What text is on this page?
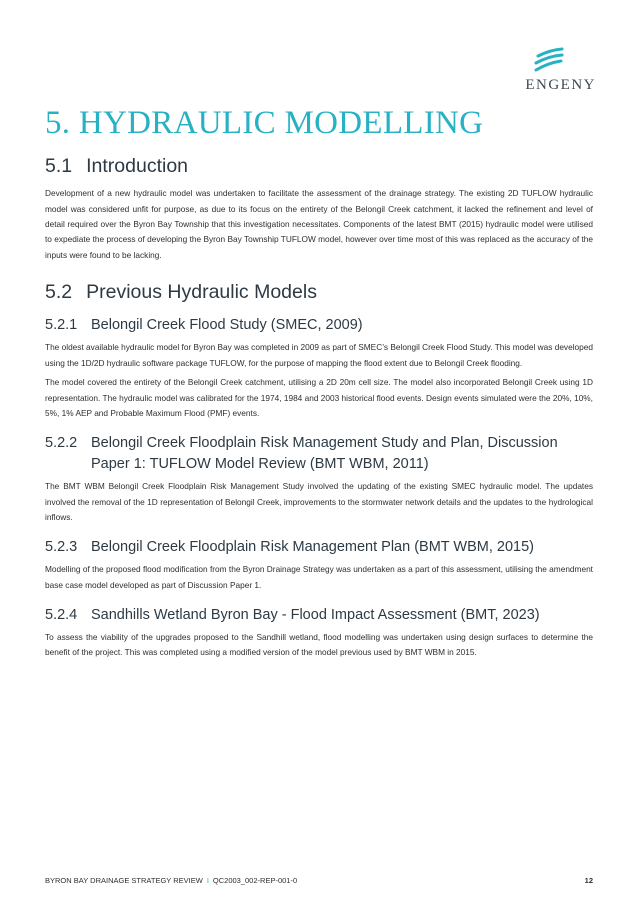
ENGENY
5. HYDRAULIC MODELLING
5.1 Introduction

Development of a new hydraulic model was undertaken to facilitate the assessment of the drainage strategy. The existing 2D TUFLOW hydraulic model was considered unfit for purpose, as due to its focus on the entirety of the Belongil Creek catchment, it lacked the refinement and level of detail required over the Byron Bay Township that this investigation necessitates. Components of the latest BMT (2015) hydraulic model were utilised to expediate the process of developing the Byron Bay Township TUFLOW model, however over time most of this was replaced as the accuracy of the inputs were found to be lacking.

5.2 Previous Hydraulic Models
5.2.1 Belongil Creek Flood Study (SMEC, 2009)

The oldest available hydraulic model for Byron Bay was completed in 2009 as part of SMEC’s Belongil Creek Flood Study. This model was developed using the 1D/2D hydraulic software package TUFLOW, for the purpose of mapping the flood extent due to Belongil Creek flooding.

The model covered the entirety of the Belongil Creek catchment, utilising a 2D 20m cell size. The model also incorporated Belongil Creek using 1D representation. The hydraulic model was calibrated for the 1974, 1984 and 2003 historical flood events. Design events simulated were the 20%, 10%, 5%, 1% AEP and Probable Maximum Flood (PMF) events.

5.2.2 Belongil Creek Floodplain Risk Management Study and Plan, Discussion Paper 1: TUFLOW Model Review (BMT WBM, 2011)

The BMT WBM Belongil Creek Floodplain Risk Management Study involved the updating of the existing SMEC hydraulic model. The updates involved the removal of the 1D representation of Belongil Creek, improvements to the stormwater network details and the updates to the hydrological inflows.

5.2.3 Belongil Creek Floodplain Risk Management Plan (BMT WBM, 2015)

Modelling of the proposed flood modification from the Byron Drainage Strategy was undertaken as a part of this assessment, utilising the amendment base case model developed as part of Discussion Paper 1.

5.2.4 Sandhills Wetland Byron Bay - Flood Impact Assessment (BMT, 2023)

To assess the viability of the upgrades proposed to the Sandhill wetland, flood modelling was undertaken using design surfaces to determine the benefit of the project. This was completed using a modified version of the model previous used by BMT WBM in 2015.

BYRON BAY DRAINAGE STRATEGY REVIEW I QC2003_002-REP-001-0	12
